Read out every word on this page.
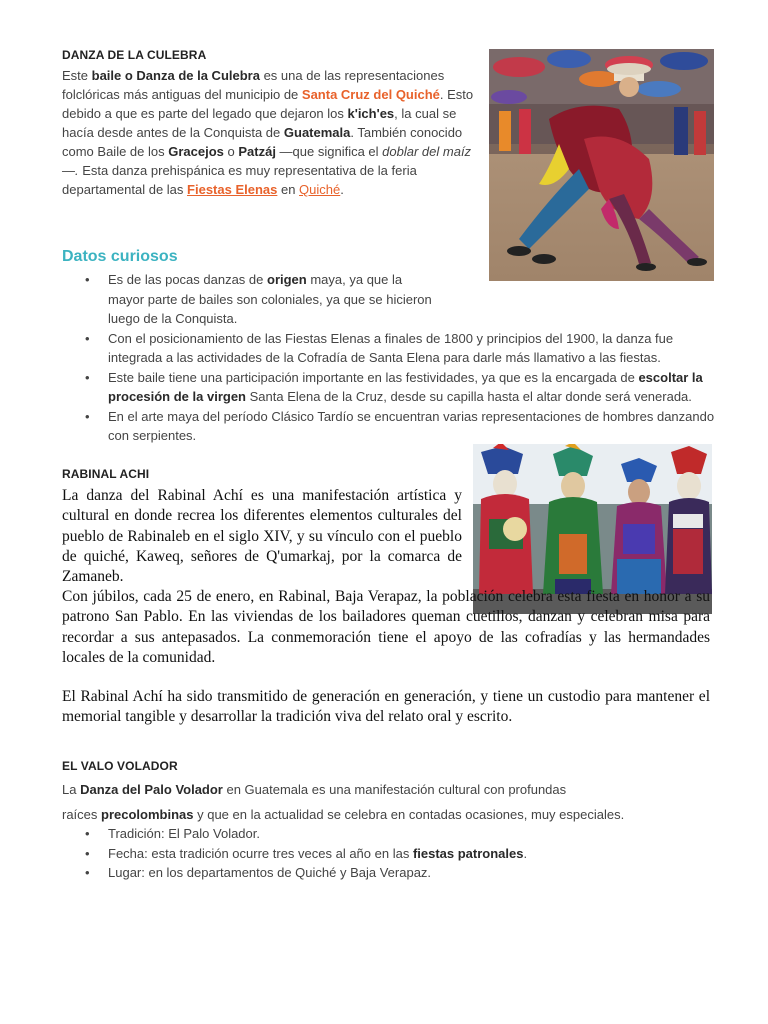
DANZA DE LA CULEBRA
Este baile o Danza de la Culebra es una de las representaciones folclóricas más antiguas del municipio de Santa Cruz del Quiché. Esto debido a que es parte del legado que dejaron los k'ich'es, la cual se hacía desde antes de la Conquista de Guatemala. También conocido como Baile de los Gracejos o Patzáj —que significa el doblar del maíz—. Esta danza prehispánica es muy representativa de la feria departamental de las Fiestas Elenas en Quiché.
Datos curiosos
• Es de las pocas danzas de origen maya, ya que la mayor parte de bailes son coloniales, ya que se hicieron luego de la Conquista.
• Con el posicionamiento de las Fiestas Elenas a finales de 1800 y principios del 1900, la danza fue integrada a las actividades de la Cofradía de Santa Elena para darle más llamativo a las fiestas.
• Este baile tiene una participación importante en las festividades, ya que es la encargada de escoltar la procesión de la virgen Santa Elena de la Cruz, desde su capilla hasta el altar donde será venerada.
• En el arte maya del período Clásico Tardío se encuentran varias representaciones de hombres danzando con serpientes.
RABINAL ACHI
La danza del Rabinal Achí es una manifestación artística y cultural en donde recrea los diferentes elementos culturales del pueblo de Rabinaleb en el siglo XIV, y su vínculo con el pueblo de quiché, Kaweq, señores de Q'umarkaj, por la comarca de Zamaneb.
Con júbilos, cada 25 de enero, en Rabinal, Baja Verapaz, la población celebra esta fiesta en honor a su patrono San Pablo. En las viviendas de los bailadores queman cuetillos, danzan y celebran misa para recordar a sus antepasados. La conmemoración tiene el apoyo de las cofradías y las hermandades locales de la comunidad.
El Rabinal Achí ha sido transmitido de generación en generación, y tiene un custodio para mantener el memorial tangible y desarrollar la tradición viva del relato oral y escrito.
EL VALO VOLADOR
La Danza del Palo Volador en Guatemala es una manifestación cultural con profundas
raíces precolombinas y que en la actualidad se celebra en contadas ocasiones, muy especiales.
• Tradición: El Palo Volador.
• Fecha: esta tradición ocurre tres veces al año en las fiestas patronales.
• Lugar: en los departamentos de Quiché y Baja Verapaz.
